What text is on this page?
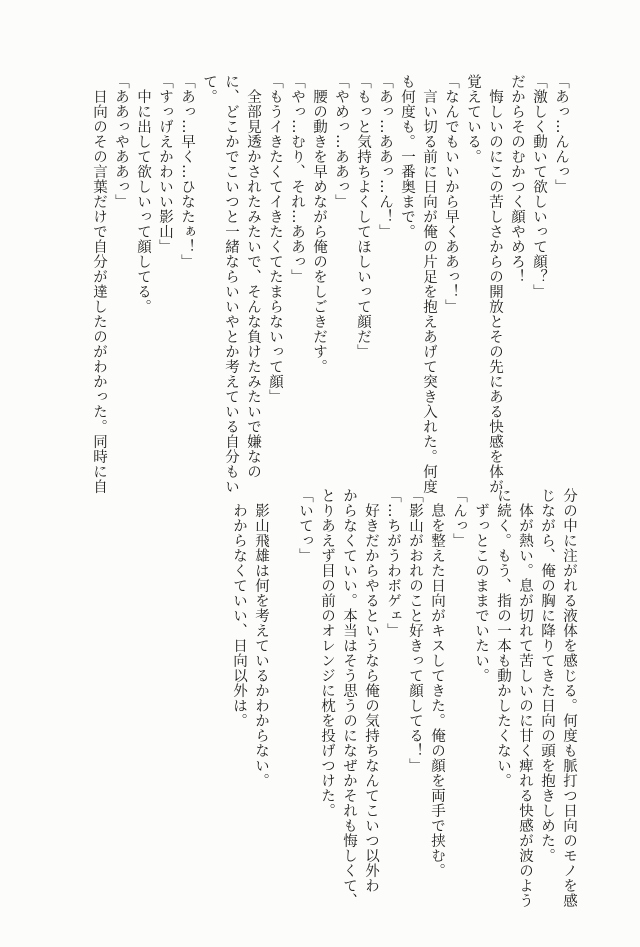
「あっ…んんっ」

「激しく動いて欲しいって顔？」

だからそのむかつく顔やめろ！

悔しいのにこの苦しさからの開放とその先にある快感を体が

覚えている。

「なんでもいいから早くああっ！」

言い切る前に日向が俺の片足を抱えあげて突き入れた。何度

も何度も。一番奥まで。

「あっ…ああっ…ん！」

「もっと気持ちよくしてほしいって顔だ」

「やめっ…ああっ」

腰の動きを早めながら俺のをしごきだす。

「やっ…むり、それ…ああっ」

「もうイきたくてイきたくてたまらないって顔」

全部見透かされたみたいで、そんな負けたみたいで嫌なの

に、どこかでこいつと一緒ならいいやとか考えている自分もい

て。

「あっ…早く…ひなたぁ！」

「すっげえかわいい影山」

中に出して欲しいって顔してる。

「ああっやああっ」

日向のその言葉だけで自分が達したのがわかった。同時に自

分の中に注がれる液体を感じる。何度も脈打つ日向のモノを感

じながら、俺の胸に降りてきた日向の頭を抱きしめた。

体が熱い。息が切れて苦しいのに甘く痺れる快感が波のよう

に続く。もう、指の一本も動かしたくない。

ずっとこのままでいたい。

「んっ」

息を整えた日向がキスしてきた。俺の顔を両手で挟む。

「影山がおれのこと好きって顔してる！」

「…ちがうわボゲェ」

好きだからやるというなら俺の気持ちなんてこいつ以外わ

からなくていい。本当はそう思うのになぜかそれも悔しくて、

とりあえず目の前のオレンジに枕を投げつけた。

「いてっ」

影山飛雄は何を考えているかわからない。

わからなくていい、日向以外は。
